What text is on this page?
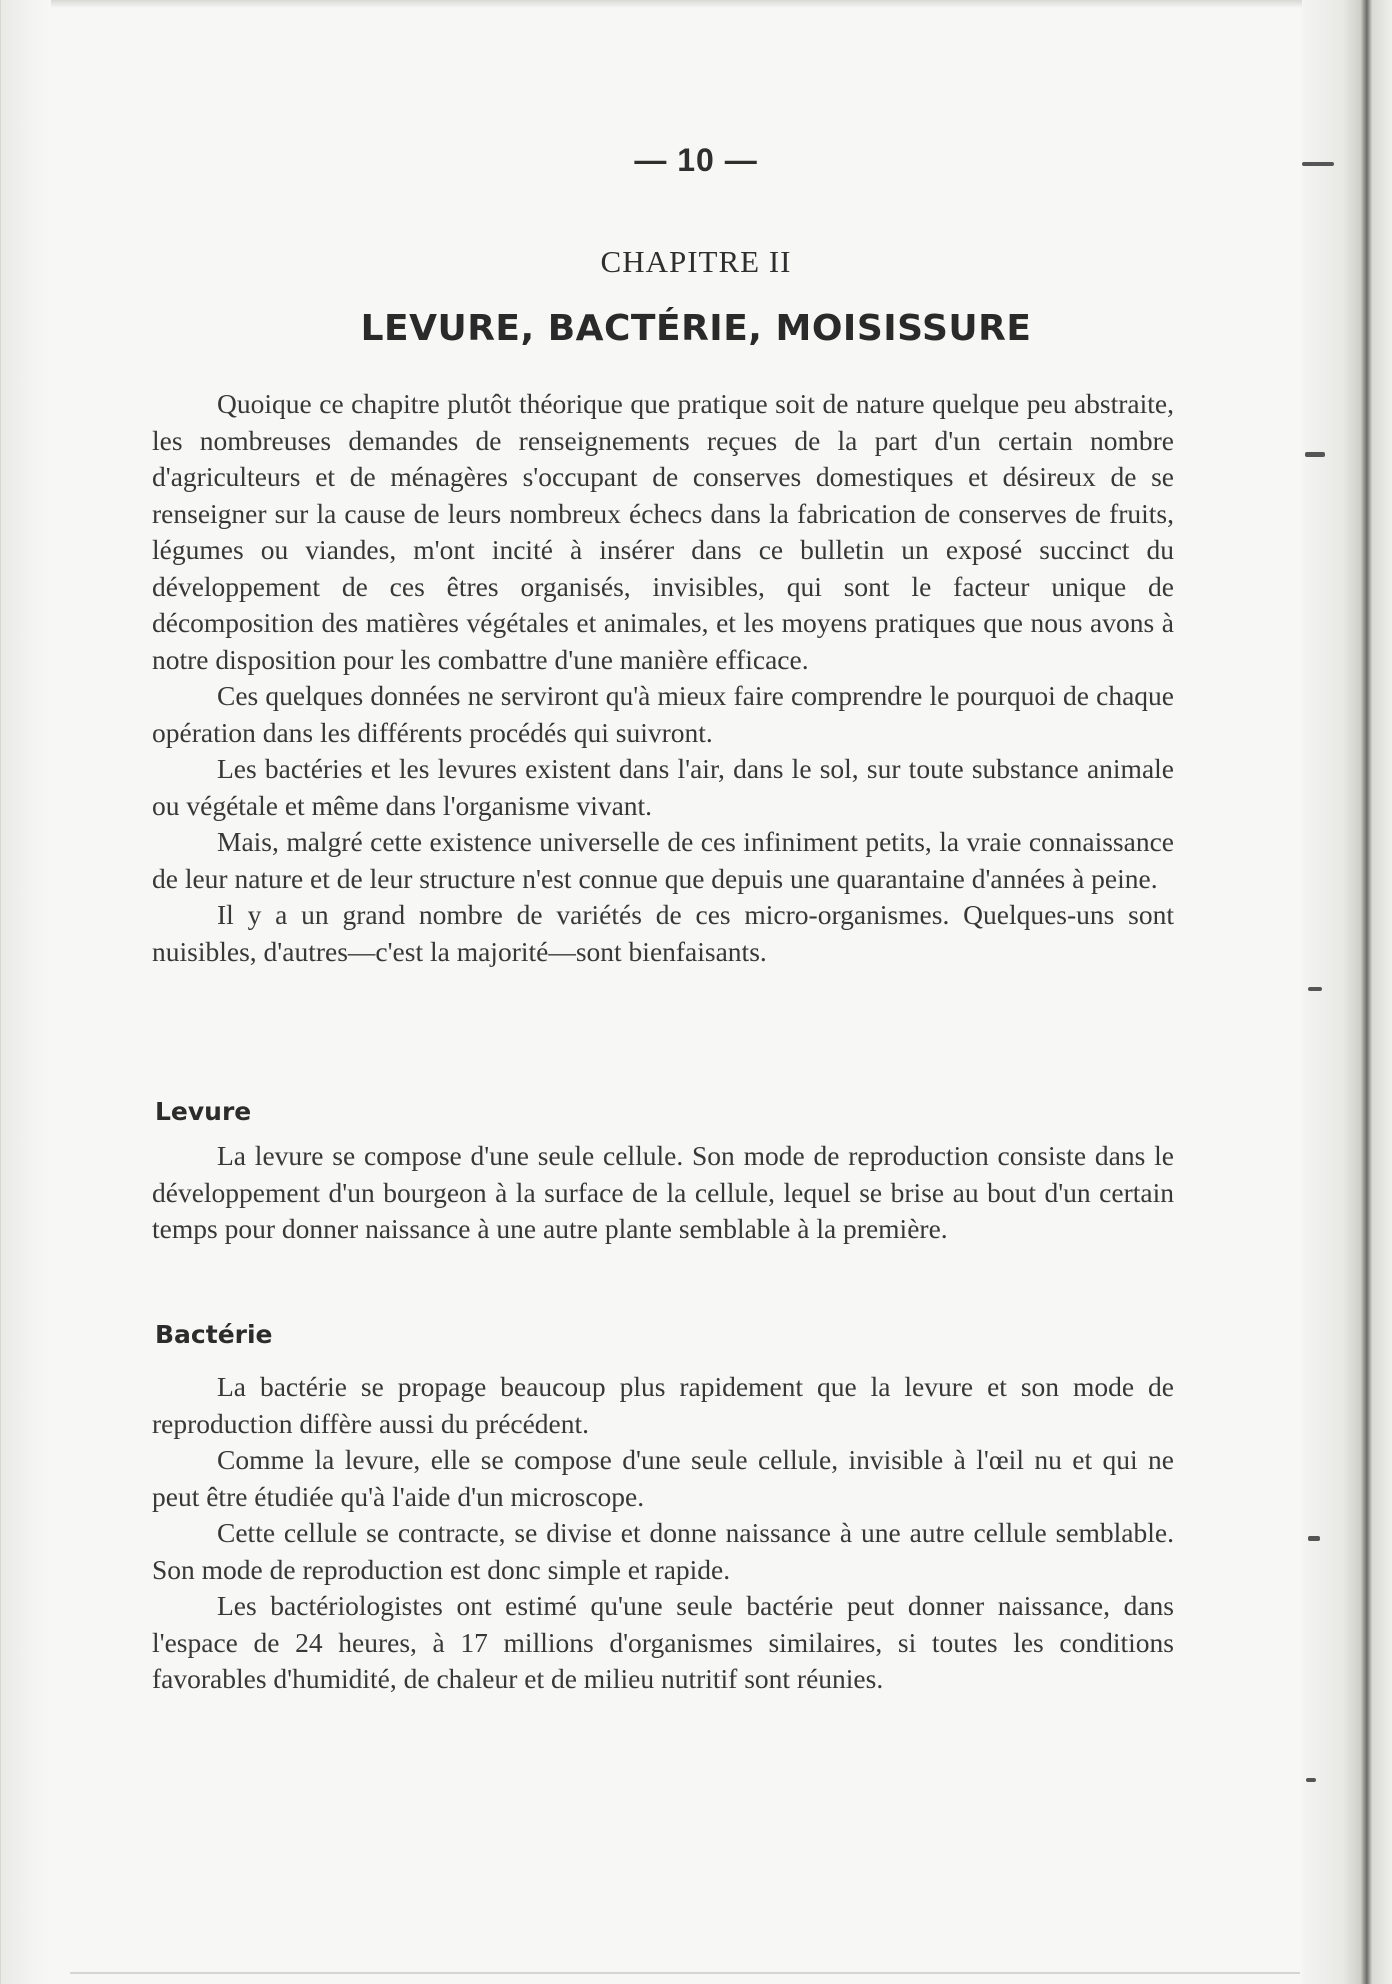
— 10 —
CHAPITRE II
LEVURE, BACTÉRIE, MOISISSURE

Quoique ce chapitre plutôt théorique que pratique soit de nature quelque peu abstraite, les nombreuses demandes de renseignements reçues de la part d'un certain nombre d'agriculteurs et de ménagères s'occupant de conserves domestiques et désireux de se renseigner sur la cause de leurs nombreux échecs dans la fabrication de conserves de fruits, légumes ou viandes, m'ont incité à insérer dans ce bulletin un exposé succinct du développement de ces êtres organisés, invisibles, qui sont le facteur unique de décomposition des matières végétales et animales, et les moyens pratiques que nous avons à notre disposition pour les combattre d'une manière efficace.

Ces quelques données ne serviront qu'à mieux faire comprendre le pourquoi de chaque opération dans les différents procédés qui suivront.

Les bactéries et les levures existent dans l'air, dans le sol, sur toute substance animale ou végétale et même dans l'organisme vivant.

Mais, malgré cette existence universelle de ces infiniment petits, la vraie connaissance de leur nature et de leur structure n'est connue que depuis une quarantaine d'années à peine.

Il y a un grand nombre de variétés de ces micro-organismes. Quelques-uns sont nuisibles, d'autres—c'est la majorité—sont bienfaisants.

Levure

La levure se compose d'une seule cellule. Son mode de reproduction consiste dans le développement d'un bourgeon à la surface de la cellule, lequel se brise au bout d'un certain temps pour donner naissance à une autre plante semblable à la première.

Bactérie

La bactérie se propage beaucoup plus rapidement que la levure et son mode de reproduction diffère aussi du précédent.

Comme la levure, elle se compose d'une seule cellule, invisible à l'œil nu et qui ne peut être étudiée qu'à l'aide d'un microscope.

Cette cellule se contracte, se divise et donne naissance à une autre cellule semblable. Son mode de reproduction est donc simple et rapide.

Les bactériologistes ont estimé qu'une seule bactérie peut donner naissance, dans l'espace de 24 heures, à 17 millions d'organismes similaires, si toutes les conditions favorables d'humidité, de chaleur et de milieu nutritif sont réunies.
